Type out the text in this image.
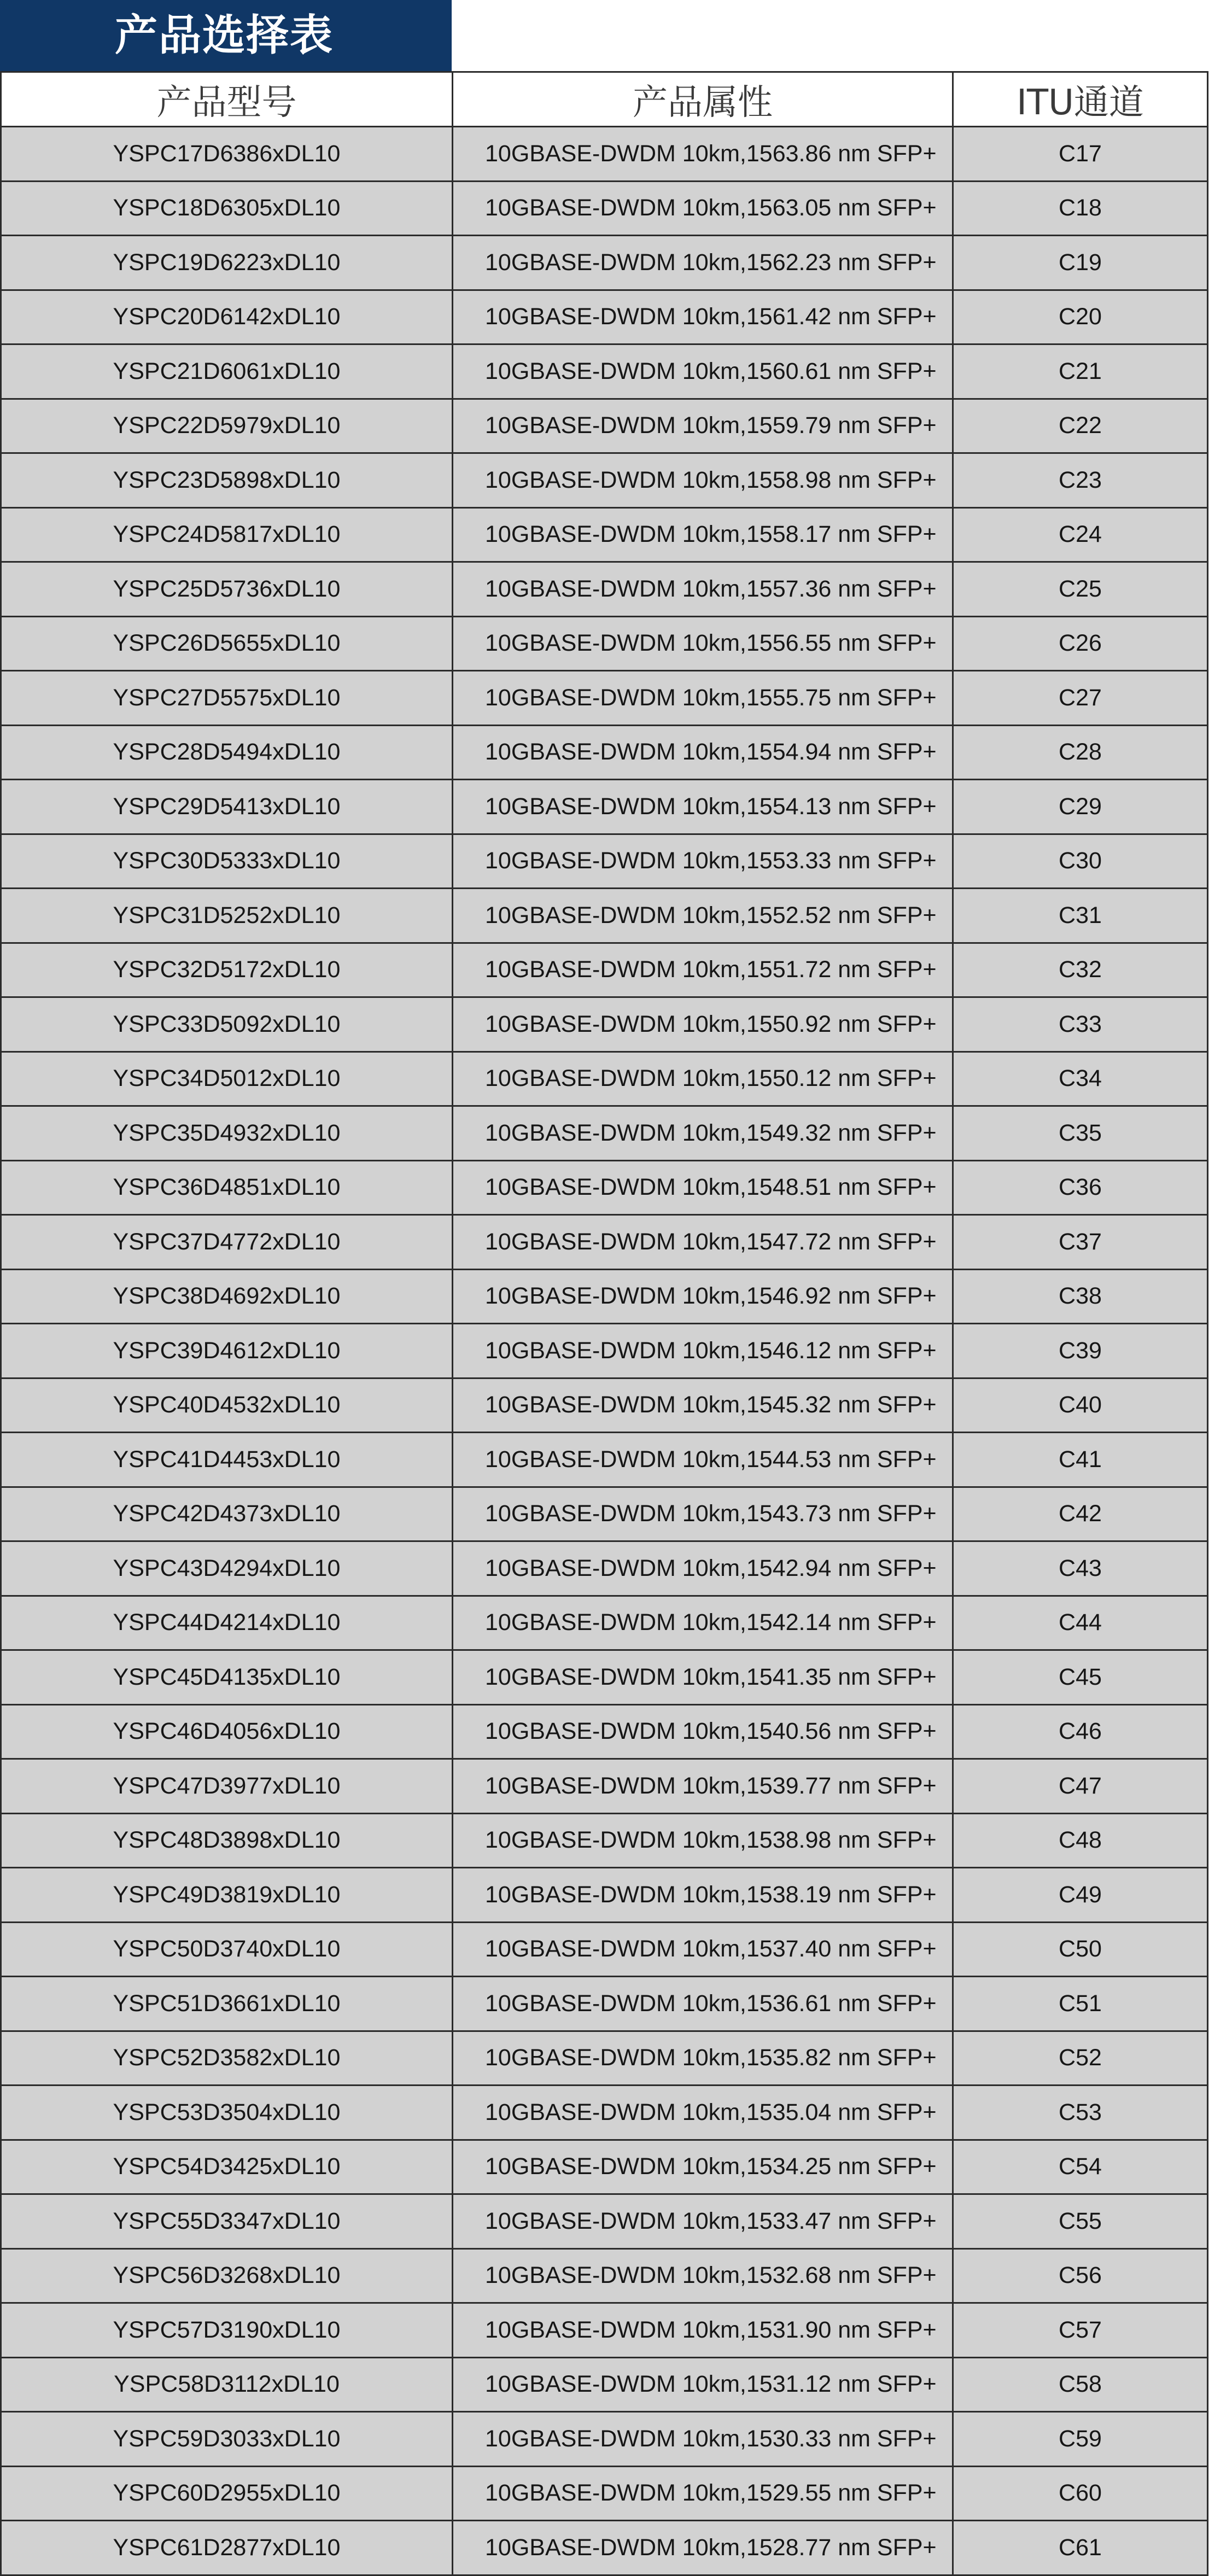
产品选择表
产品型号	产品属性	ITU通道
YSPC17D6386xDL10	10GBASE-DWDM 10km,1563.86 nm SFP+	C17
YSPC18D6305xDL10	10GBASE-DWDM 10km,1563.05 nm SFP+	C18
YSPC19D6223xDL10	10GBASE-DWDM 10km,1562.23 nm SFP+	C19
YSPC20D6142xDL10	10GBASE-DWDM 10km,1561.42 nm SFP+	C20
YSPC21D6061xDL10	10GBASE-DWDM 10km,1560.61 nm SFP+	C21
YSPC22D5979xDL10	10GBASE-DWDM 10km,1559.79 nm SFP+	C22
YSPC23D5898xDL10	10GBASE-DWDM 10km,1558.98 nm SFP+	C23
YSPC24D5817xDL10	10GBASE-DWDM 10km,1558.17 nm SFP+	C24
YSPC25D5736xDL10	10GBASE-DWDM 10km,1557.36 nm SFP+	C25
YSPC26D5655xDL10	10GBASE-DWDM 10km,1556.55 nm SFP+	C26
YSPC27D5575xDL10	10GBASE-DWDM 10km,1555.75 nm SFP+	C27
YSPC28D5494xDL10	10GBASE-DWDM 10km,1554.94 nm SFP+	C28
YSPC29D5413xDL10	10GBASE-DWDM 10km,1554.13 nm SFP+	C29
YSPC30D5333xDL10	10GBASE-DWDM 10km,1553.33 nm SFP+	C30
YSPC31D5252xDL10	10GBASE-DWDM 10km,1552.52 nm SFP+	C31
YSPC32D5172xDL10	10GBASE-DWDM 10km,1551.72 nm SFP+	C32
YSPC33D5092xDL10	10GBASE-DWDM 10km,1550.92 nm SFP+	C33
YSPC34D5012xDL10	10GBASE-DWDM 10km,1550.12 nm SFP+	C34
YSPC35D4932xDL10	10GBASE-DWDM 10km,1549.32 nm SFP+	C35
YSPC36D4851xDL10	10GBASE-DWDM 10km,1548.51 nm SFP+	C36
YSPC37D4772xDL10	10GBASE-DWDM 10km,1547.72 nm SFP+	C37
YSPC38D4692xDL10	10GBASE-DWDM 10km,1546.92 nm SFP+	C38
YSPC39D4612xDL10	10GBASE-DWDM 10km,1546.12 nm SFP+	C39
YSPC40D4532xDL10	10GBASE-DWDM 10km,1545.32 nm SFP+	C40
YSPC41D4453xDL10	10GBASE-DWDM 10km,1544.53 nm SFP+	C41
YSPC42D4373xDL10	10GBASE-DWDM 10km,1543.73 nm SFP+	C42
YSPC43D4294xDL10	10GBASE-DWDM 10km,1542.94 nm SFP+	C43
YSPC44D4214xDL10	10GBASE-DWDM 10km,1542.14 nm SFP+	C44
YSPC45D4135xDL10	10GBASE-DWDM 10km,1541.35 nm SFP+	C45
YSPC46D4056xDL10	10GBASE-DWDM 10km,1540.56 nm SFP+	C46
YSPC47D3977xDL10	10GBASE-DWDM 10km,1539.77 nm SFP+	C47
YSPC48D3898xDL10	10GBASE-DWDM 10km,1538.98 nm SFP+	C48
YSPC49D3819xDL10	10GBASE-DWDM 10km,1538.19 nm SFP+	C49
YSPC50D3740xDL10	10GBASE-DWDM 10km,1537.40 nm SFP+	C50
YSPC51D3661xDL10	10GBASE-DWDM 10km,1536.61 nm SFP+	C51
YSPC52D3582xDL10	10GBASE-DWDM 10km,1535.82 nm SFP+	C52
YSPC53D3504xDL10	10GBASE-DWDM 10km,1535.04 nm SFP+	C53
YSPC54D3425xDL10	10GBASE-DWDM 10km,1534.25 nm SFP+	C54
YSPC55D3347xDL10	10GBASE-DWDM 10km,1533.47 nm SFP+	C55
YSPC56D3268xDL10	10GBASE-DWDM 10km,1532.68 nm SFP+	C56
YSPC57D3190xDL10	10GBASE-DWDM 10km,1531.90 nm SFP+	C57
YSPC58D3112xDL10	10GBASE-DWDM 10km,1531.12 nm SFP+	C58
YSPC59D3033xDL10	10GBASE-DWDM 10km,1530.33 nm SFP+	C59
YSPC60D2955xDL10	10GBASE-DWDM 10km,1529.55 nm SFP+	C60
YSPC61D2877xDL10	10GBASE-DWDM 10km,1528.77 nm SFP+	C61
